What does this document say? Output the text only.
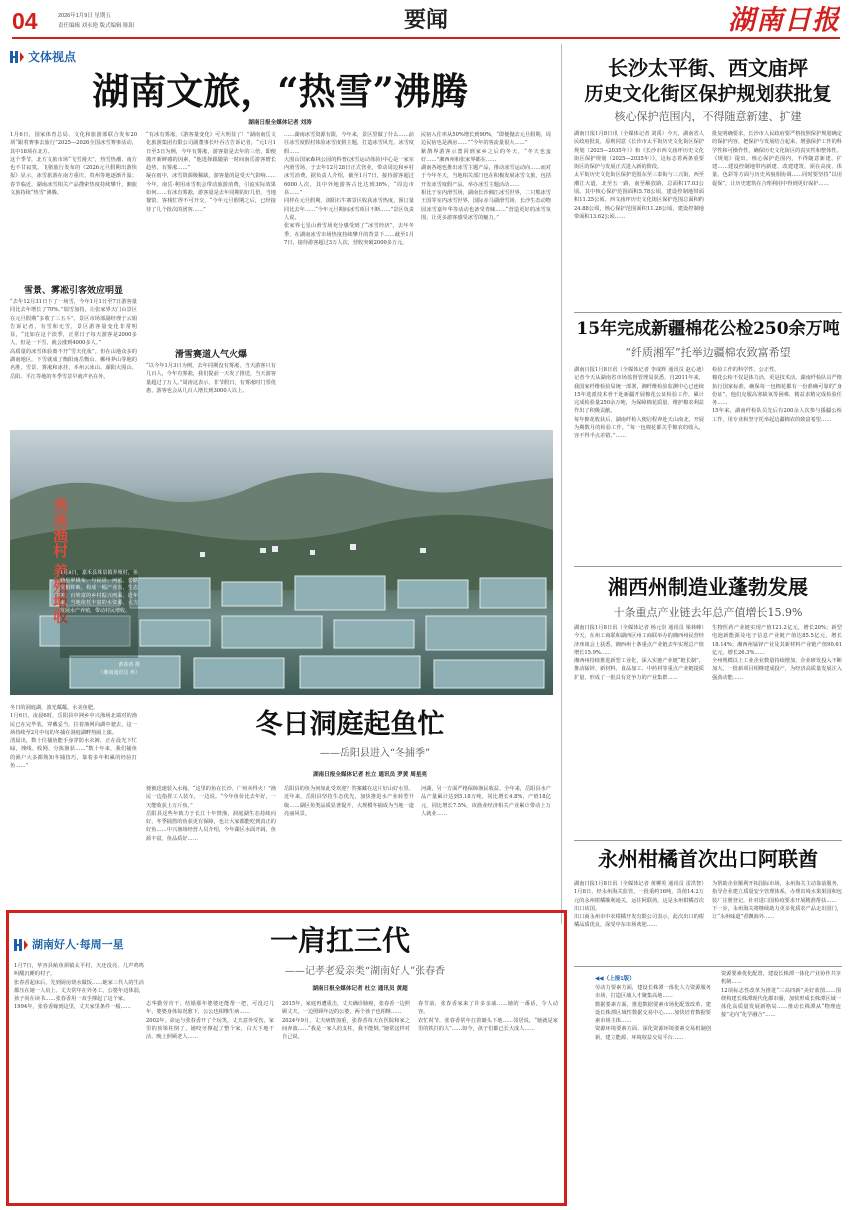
04	2026年1月9日 星期五
责任编辑 刘永艳 版式编辑 陈阳	要闻	湖南日报
文体视点
湖南文旅，“热雪”沸腾
湖南日报全媒体记者 刘涛
1月6日，国家体育总局、文化和旅游部联合发布20项“跟着赛事去旅行”2025—2026全国冰雪赛事活动，其中18项在北方。
这个季节，北方文旅市场“飞雪漫天”，热雪热潮，南方也不甘寂寞。飞猪旅行发布的《2026元旦假期出游快报》显示，冰雪旅游在南方重庆、贵州等地逐渐升温；春节临近，湖南冰雪相关产品搜索热度持续攀升，湘旅文旅持续“热雪”沸腾。
雪景、雾凇引客效应明显
“去年12月31日下了一场雪，今年1月1日至7日游客量同比去年增长了70%。”瑞雪加持，让张家界天门山景区在元旦假期“多收了三五斗”，景区市场部副经理于云娟告诉记者，有雪和无雪，景区游客量变化非常明显，“比如在这个淡季，正常日子每天游客是2000多人，但是一下雪，就会涨到4000多人。”
高质量的冰雪体验离不开“雪天化妆”。但在山地众多的湖南地区，下雪就成了衡阳南岳衡山、郴州莽山等地的名胜。雪景、雾凇和冰挂，本州云冰山、湖阳大围山、岳阳、平江等地的冬季雪景早就声名在外。
“有冰有雾凇，《游客量变化》可大明显了！”湖南南岳文化旅游集团有限公司副董事长叶吞吉告诉记者，“元1月1日至3日为例，今年有雾凇，游客量是去年的三倍，即便抛开新鲜感的因素，“他选择跟随第一时间南岳游客增长趋势，有雾凇……”
凝在雨中，冰雪资源极稀缺，游客量的是受天气影响……今年，南岳·利用冰雪机会带动旅游消费，引流实际效果如何……有冰有雾凇，游客量是去年同期的好几倍。当地餐馆、客栈忙得不可开交，“今年元旦假期之后，已经接待了几个批次的团客……”
滑雪赛道人气火爆
“以今年1月3日为例，去年同期没有雾凇，当天游客只有几百人，今年有雾凇，我们提前一天发了推送，当天游客量超过了万人。”周涛这表示，非节假日，有雾凇时门票优惠，游客也会从几百人增长到3000人以上。
……湖南冰雪资源有限，今年来，景区里做了什么……前往冰雪度假村体验冰雪度假主题，打造冰雪风光、冰雪度假……
大围山国家森林公园的科普(冰雪运动体验)中心是一家室内滑雪场，于去年12月28日正式营业，带动周边和乡村冰雪消费。据负责人介绍，截至1月7日，接待游客超过6000人次，其中外地游客占比达到36%，“周边市县……”
同样在元旦假期，浏阳石牛寨景区收获冰雪热度，预订量同比去年……“今年元旦期间冰雪项目不断……”景区负责人说。
张家界七星山滑雪场充分感受到了“冰雪经济”，去年冬季，在湖南冰雪市场热度持续攀升的背景下……截至1月7日，接待游客超过3万人次，营收突破2000多万元。
民宿入住率从50%增长到90%，“即便抛去元旦假期，周边民宿也是满房……”“今年的客流量很大……”
紫鹊界游客示蔷回到家乡之后的冬天，“冬天也蛮好……”湘西州和张家界都在……
湖南各地也推出冰雪主题产品，推动冰雪运动向……而对于今年冬天，当地相关部门也在积极发展冰雪文旅，包括开发冰雪度假产品、举办冰雪主题活动……
相比于室内滑雪场，湖南长沙湘江冰雪世界，二只熊冰雪王国等室内冰雪世界，国际赤马湖滑雪场、长沙生态动物园冰雪嘉年华等活动也备受青睐……“营造更好的冰雪氛围，让更多游客感受冰雪的魅力。”
秀美渔村 养殖增收
1月8日，嘉禾县珠泉镇养殖村，鱼塘星罗棋布，与民居、河流、公路交相辉映，构成一幅产业兴、生态美、百姓富的乡村振兴画面。近年来，当地依托丰富的水资源，大力发展水产养殖，带动村民增收。
黄春涛 摄
（湘南通讯员 冉）
冬日的洞庭湖，波光粼粼，水美鱼肥。
1月6日，凌晨6时，岳阳县中洲乡中兴渔场北端对的渔民已在完毕装，穿戴妥当，拉着渔网向湖中驶去，这一场持续至2月中旬的冬捕在洞庭湖畔热闹上演。
清晨出，数十位捕鱼能手身穿防水衣裤，正在晨光下忙碌，拽线、收网、分拣渔获……“数十年来，我们捕鱼的渔户大多都熟知冬捕技巧，靠着多年积累的经验打鱼……”
冬日洞庭起鱼忙
——岳阳县进入“冬捕季”
湖南日报全媒体记者 杜立 通讯员 罗黄 周星亮
便被迅速装入水箱。“这里的鱼在长沙、广州卖得火！”渔民一边指挥工人装车，一边说。“今年鱼价比去年好，一天能收获上万斤鱼。”
岳阳县这些年致力于长江十年禁渔，洞庭湖生态持续向好，冬季捕捞的鱼获更有保障，也让大家都能吃到真正的好鱼……中兴渔场经营人员介绍，今年湖区水面开阔，鱼源丰富，鱼品质好……
岳阳县的鱼为何如此受欢迎？答案藏在这片好山好水里。
近年来，岳阳县坚持生态优先，加快推进水产业转型升级……湖区鱼类品质显著提升，大规模冬捕成为当地一道亮丽风景。
河湖，另一方面严格保障渔民收益。全年来，岳阳县水产品产量累计达到5.18万吨，同比增长4.8%，产值18亿元，同比增长7.5%，该渔业经济相关产业累计带动上万人就业……
湖南好人·每周一星	一肩扛三代
——记孝老爱亲类“湖南好人”张春香
湖南日报全媒体记者 杜立 通讯员 黄超
1月7日，华容县鲇鱼须镇太平村，天还没亮，几声鸡鸣叫醒沉睡的村子。
张春香起床后，先到厨房烧水做饭……她家三代人的生活都压在她一人肩上。丈夫常年在外务工，公婆年迈体弱，孩子尚在读书……张春香用一双手撑起了这个家。
1994年，张春香嫁到这里，丈夫家里条件一般……
志华勤劳肯干，结婚那年婆婆还能帮一把，可没过几年，婆婆身体每况愈下，公公也相继生病……
2002年，命运与张春香开了个玩笑，丈夫意外受伤，家里的顶梁柱倒了。她咬牙撑起了整个家，白天下地干活，晚上照顾老人……
2015年，家庭再遭重击，丈夫确诊肺癌，张春香一边照顾丈夫，一边照顾年迈的公婆，两个孩子也相继……
2024年9月，丈夫病情加重，张春香每天在医院和家之间奔波……“我是一家人的支柱，我不能倒。”她常这样对自己说。
春节前，张春香家来了许多亲戚……她的一番话，令人动容。
农忙时节，张春香常年扛着锄头下地……邻居说，“她就是家里的铁打的人”……如今，孩子们都已长大成人……
◀◀（上接1版）
劳动力要素方面，建设长株潭一体化人力资源服务市场，打造区域人才聚集高地……
数据要素方面，推进数据要素市场化配置改革，建设长株潭区域性数据交易中心……加快培育数据要素市场主体……
资源环境要素方面，深化资源环境要素交易机制创新，建立能源、环境权益交易平台……
资源要素优化配置，建设长株潭一体化产业协作共享机制……
12项标志性改革为推进“三高四新”美好蓝图……围绕构建长株潭现代化都市圈，加快形成长株潭区域一体化高质量发展新格局……推动长株潭从“物理连接”走向“化学融合”……
长沙太平街、西文庙坪
历史文化街区保护规划获批复
核心保护范围内，不得随意新建、扩建
湖南日报1月8日讯（全媒体记者 刘禹）今天，湖南省人民政府批复，原则同意《长沙市太平街历史文化街区保护规划（2025—2035年）》和《长沙市西文庙坪历史文化街区保护规划（2025—2035年）》，这标志着两条重要街区的保护与发展正式进入新的阶段。
太平街历史文化街区保护范围东至三泰街与三兴街，西至潮江大道，北至五一路，南至解放路，总面积17.03公顷。其中核心保护范围面积5.78公顷，建设控制地带面积11.25公顷。西文庙坪历史文化街区保护范围总面积约24.88公顷，核心保护范围面积11.26公顷，建设控制地带面积13.62公顷……
批复明确要求，长沙市人民政府要严格按照保护规划确定的保护内容，把保护与发展结合起来，增强保护工作的科学性和可操作性，确保历史文化街区的真实性和整体性。
《规划》提出，核心保护范围内，不得随意新建、扩建……建设控制地带内新建、改建建筑，须在高度、体量、色彩等方面与历史风貌相协调……同时要坚持“以用促保”，让历史建筑在合理利用中得到更好保护……
15年完成新疆棉花公检250余万吨
“纤质湘军”托举边疆棉农致富希望
湖南日报1月8日讯（全媒体记者 李成辉 通讯员 赵心迪）记者今天从湖南省市场监督管理局获悉，自2011年来，我国家纤维检验局统一部署，湘纤维检验监测中心已连续15年选派技术骨干赴新疆开展棉花公证检验工作，累计完成检验量250余万吨，为保障棉花质量、维护棉农利益作出了积极贡献。
每年棉花收获后，湖南纤检人便启程奔赴天山南北，开展为期数月的检验工作。“每一包棉花都关乎棉农的收入，容不得半点差错。”……
检验工作的科学性、公正性。
棉花公检不仅是体力活，更是技术活。湖南纤检队员严格执行国家标准，确保每一包棉花都有一份准确可靠的“身份证”。他们克服高寒缺氧等困难，精益求精完成检验任务……
15年来，湖南纤检队员先后有200余人次参与援疆公检工作，用专业和坚守托举起边疆棉农的致富希望……
湘西州制造业蓬勃发展
十条重点产业链去年总产值增长15.9%
湖南日报1月8日讯（全媒体记者 杨元崇 通讯员 梁林峰）今天，在州工商联和湖西区州工商联举办的湘西州民营经济座谈会上获悉，湘西州十条重点产业链去年实现总产值增长15.9%……
湘西州持续推进新型工业化，深入实施产业链“链长制”，推动锰锌、新材料、食品加工、中药材等重点产业链提质扩量，形成了一批具有竞争力的产业集群……
生物医药产业链实现产值121.2亿元，增长20%；新型电池新能源及电子信息产业链产值达85.5亿元，增长18.14%；湘西州锰锌产业及其新材料产业链产值90.61亿元，增长26.3%……
全州规模以上工业企业数量持续增加，企业研发投入不断加大，一批新项目相继建成投产，为经济高质量发展注入强劲动能……
永州柑橘首次出口阿联酋
湖南日报1月8日讯（全媒体记者 黄柳英 通讯员 雷洪智）1月8日，经永州海关监管，一批重约16吨、货值14.2万元的永州柑橘顺利通关，运往阿联酋。这是永州柑橘首次出口该国。
出口商永州市中农柑橘开发有限公司表示，此次出口的柑橘品质优良，深受中东市场欢迎……
为帮助企业顺利开拓国际市场，永州海关主动靠前服务，指导企业建立质量安全管理体系，办理出境水果果园和包装厂注册登记，针对进口国检疫要求开展精准帮扶……
下一步，永州海关将继续助力更多优质农产品走出国门，让“永州味道”香飘海外……
